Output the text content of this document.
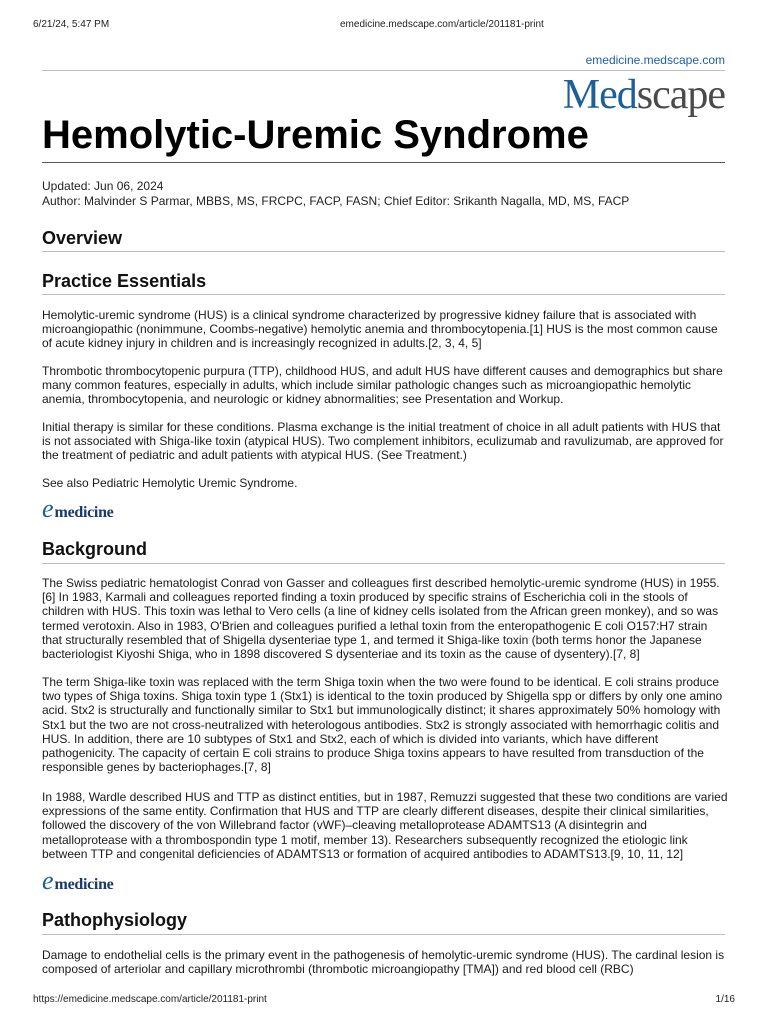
6/21/24, 5:47 PM	emedicine.medscape.com/article/201181-print
emedicine.medscape.com
Medscape
Hemolytic-Uremic Syndrome
Updated: Jun 06, 2024
Author: Malvinder S Parmar, MBBS, MS, FRCPC, FACP, FASN; Chief Editor: Srikanth Nagalla, MD, MS, FACP
Overview
Practice Essentials

Hemolytic-uremic syndrome (HUS) is a clinical syndrome characterized by progressive kidney failure that is associated with microangiopathic (nonimmune, Coombs-negative) hemolytic anemia and thrombocytopenia.[1] HUS is the most common cause of acute kidney injury in children and is increasingly recognized in adults.[2, 3, 4, 5]

Thrombotic thrombocytopenic purpura (TTP), childhood HUS, and adult HUS have different causes and demographics but share many common features, especially in adults, which include similar pathologic changes such as microangiopathic hemolytic anemia, thrombocytopenia, and neurologic or kidney abnormalities; see Presentation and Workup.

Initial therapy is similar for these conditions. Plasma exchange is the initial treatment of choice in all adult patients with HUS that is not associated with Shiga-like toxin (atypical HUS). Two complement inhibitors, eculizumab and ravulizumab, are approved for the treatment of pediatric and adult patients with atypical HUS. (See Treatment.)

See also Pediatric Hemolytic Uremic Syndrome.

emedicine
Background

The Swiss pediatric hematologist Conrad von Gasser and colleagues first described hemolytic-uremic syndrome (HUS) in 1955.[6] In 1983, Karmali and colleagues reported finding a toxin produced by specific strains of Escherichia coli in the stools of children with HUS. This toxin was lethal to Vero cells (a line of kidney cells isolated from the African green monkey), and so was termed verotoxin. Also in 1983, O'Brien and colleagues purified a lethal toxin from the enteropathogenic E coli O157:H7 strain that structurally resembled that of Shigella dysenteriae type 1, and termed it Shiga-like toxin (both terms honor the Japanese bacteriologist Kiyoshi Shiga, who in 1898 discovered S dysenteriae and its toxin as the cause of dysentery).[7, 8]

The term Shiga-like toxin was replaced with the term Shiga toxin when the two were found to be identical. E coli strains produce two types of Shiga toxins. Shiga toxin type 1 (Stx1) is identical to the toxin produced by Shigella spp or differs by only one amino acid. Stx2 is structurally and functionally similar to Stx1 but immunologically distinct; it shares approximately 50% homology with Stx1 but the two are not cross-neutralized with heterologous antibodies. Stx2 is strongly associated with hemorrhagic colitis and HUS. In addition, there are 10 subtypes of Stx1 and Stx2, each of which is divided into variants, which have different pathogenicity. The capacity of certain E coli strains to produce Shiga toxins appears to have resulted from transduction of the responsible genes by bacteriophages.[7, 8]

In 1988, Wardle described HUS and TTP as distinct entities, but in 1987, Remuzzi suggested that these two conditions are varied expressions of the same entity. Confirmation that HUS and TTP are clearly different diseases, despite their clinical similarities, followed the discovery of the von Willebrand factor (vWF)–cleaving metalloprotease ADAMTS13 (A disintegrin and metalloprotease with a thrombospondin type 1 motif, member 13). Researchers subsequently recognized the etiologic link between TTP and congenital deficiencies of ADAMTS13 or formation of acquired antibodies to ADAMTS13.[9, 10, 11, 12]

emedicine
Pathophysiology

Damage to endothelial cells is the primary event in the pathogenesis of hemolytic-uremic syndrome (HUS). The cardinal lesion is composed of arteriolar and capillary microthrombi (thrombotic microangiopathy [TMA]) and red blood cell (RBC)

https://emedicine.medscape.com/article/201181-print	1/16
